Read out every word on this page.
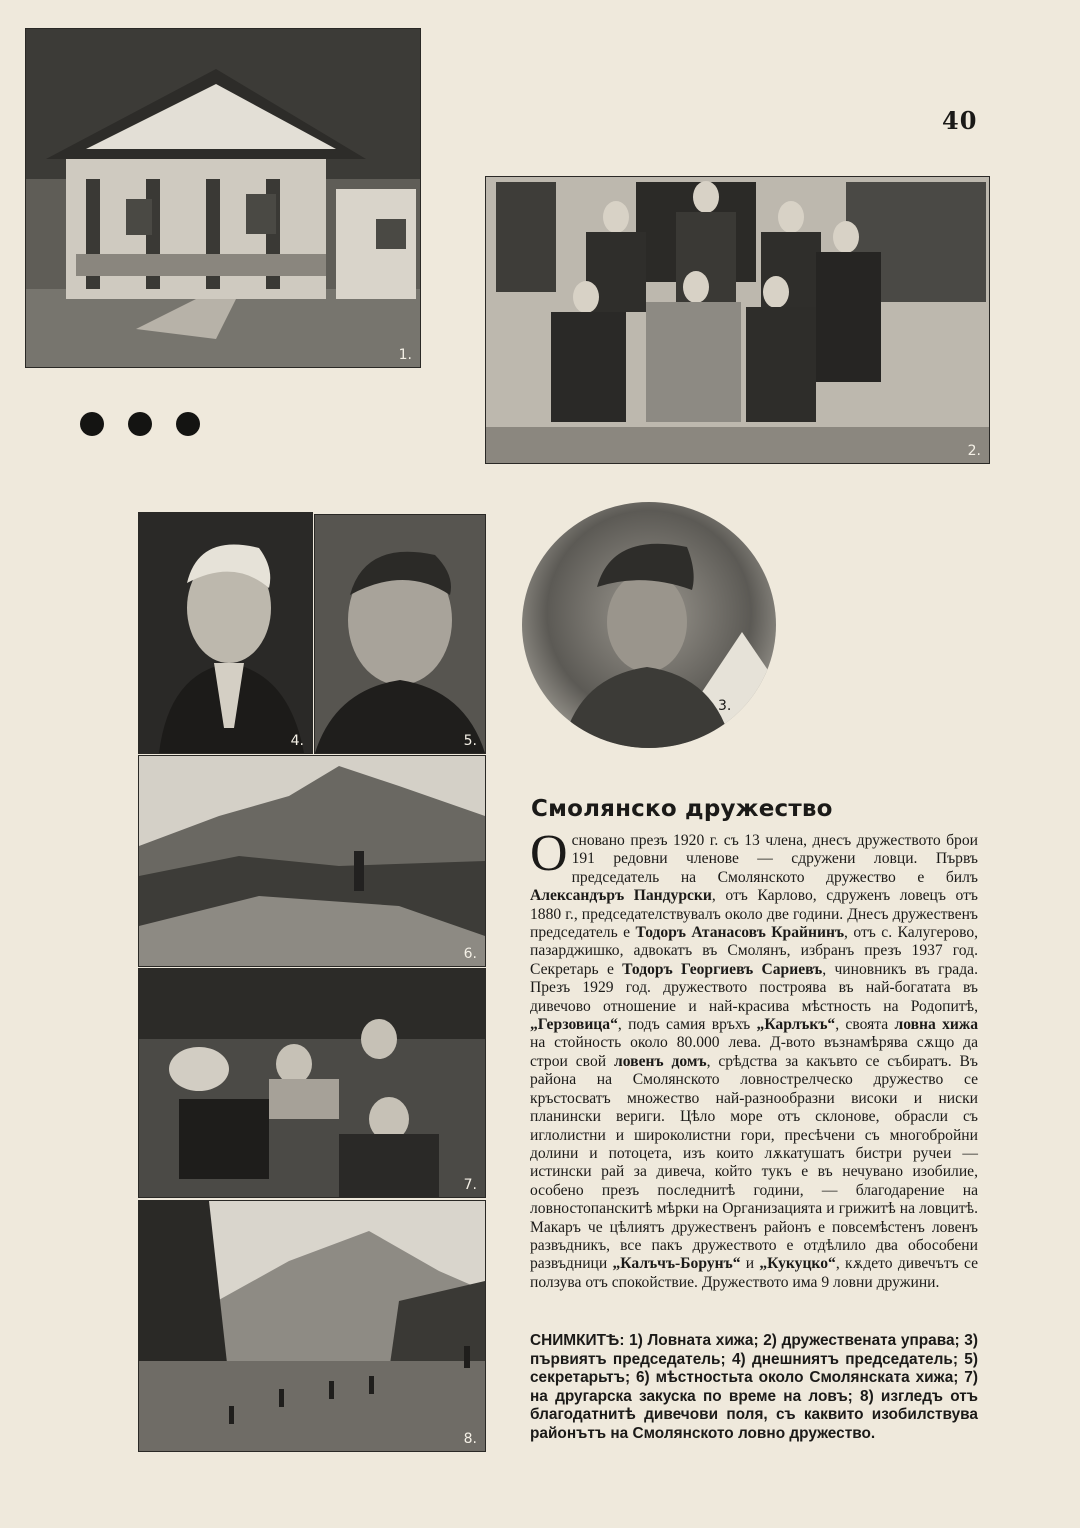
40
1.
2.
4.	5.
3.
6.
7.
8.
Смолянско дружество

Основано презъ 1920 г. съ 13 члена, днесъ дружеството брои 191 редовни членове — сдружени ловци. Първъ председатель на Смолянското дружество е билъ Александъръ Пандурски, отъ Карлово, сдруженъ ловецъ отъ 1880 г., председателствувалъ около две години. Днесъ дружественъ председатель е Тодоръ Атанасовъ Крайнинъ, отъ с. Калугерово, пазарджишко, адвокатъ въ Смолянъ, избранъ презъ 1937 год. Секретарь е Тодоръ Георгиевъ Сариевъ, чиновникъ въ града. Презъ 1929 год. дружеството построява въ най-богатата въ дивечово отношение и най-красива мѣстность на Родопитѣ, „Герзовица“, подъ самия връхъ „Карлъкъ“, своята ловна хижа на стойность около 80.000 лева. Д-вото възнамѣрява сѫщо да строи свой ловенъ домъ, срѣдства за какъвто се събиратъ. Въ района на Смолянското ловнострелческо дружество се кръстосватъ множество най-разнообразни високи и ниски планински вериги. Цѣло море отъ склонове, обрасли съ иглолистни и широколистни гори, пресѣчени съ многобройни долини и потоцета, изъ които лѫкатушатъ бистри ручеи — истински рай за дивеча, който тукъ е въ нечувано изобилие, особено презъ последнитѣ години, — благодарение на ловностопанскитѣ мѣрки на Организацията и грижитѣ на ловцитѣ. Макаръ че цѣлиятъ дружественъ районъ е повсемѣстенъ ловенъ развъдникъ, все пакъ дружеството е отдѣлило два обособени развъдници „Калъчъ-Борунъ“ и „Кукуцко“, кѫдето дивечътъ се ползува отъ спокойствие. Дружеството има 9 ловни дружини.

СНИМКИТѢ: 1) Ловната хижа; 2) дружествената управа; 3) първиятъ председатель; 4) днешниятъ председатель; 5) секретарьтъ; 6) мѣстностьта около Смолянската хижа; 7) на другарска закуска по време на ловъ; 8) изгледъ отъ благодатнитѣ дивечови поля, съ каквито изобилствува районътъ на Смолянското ловно дружество.
